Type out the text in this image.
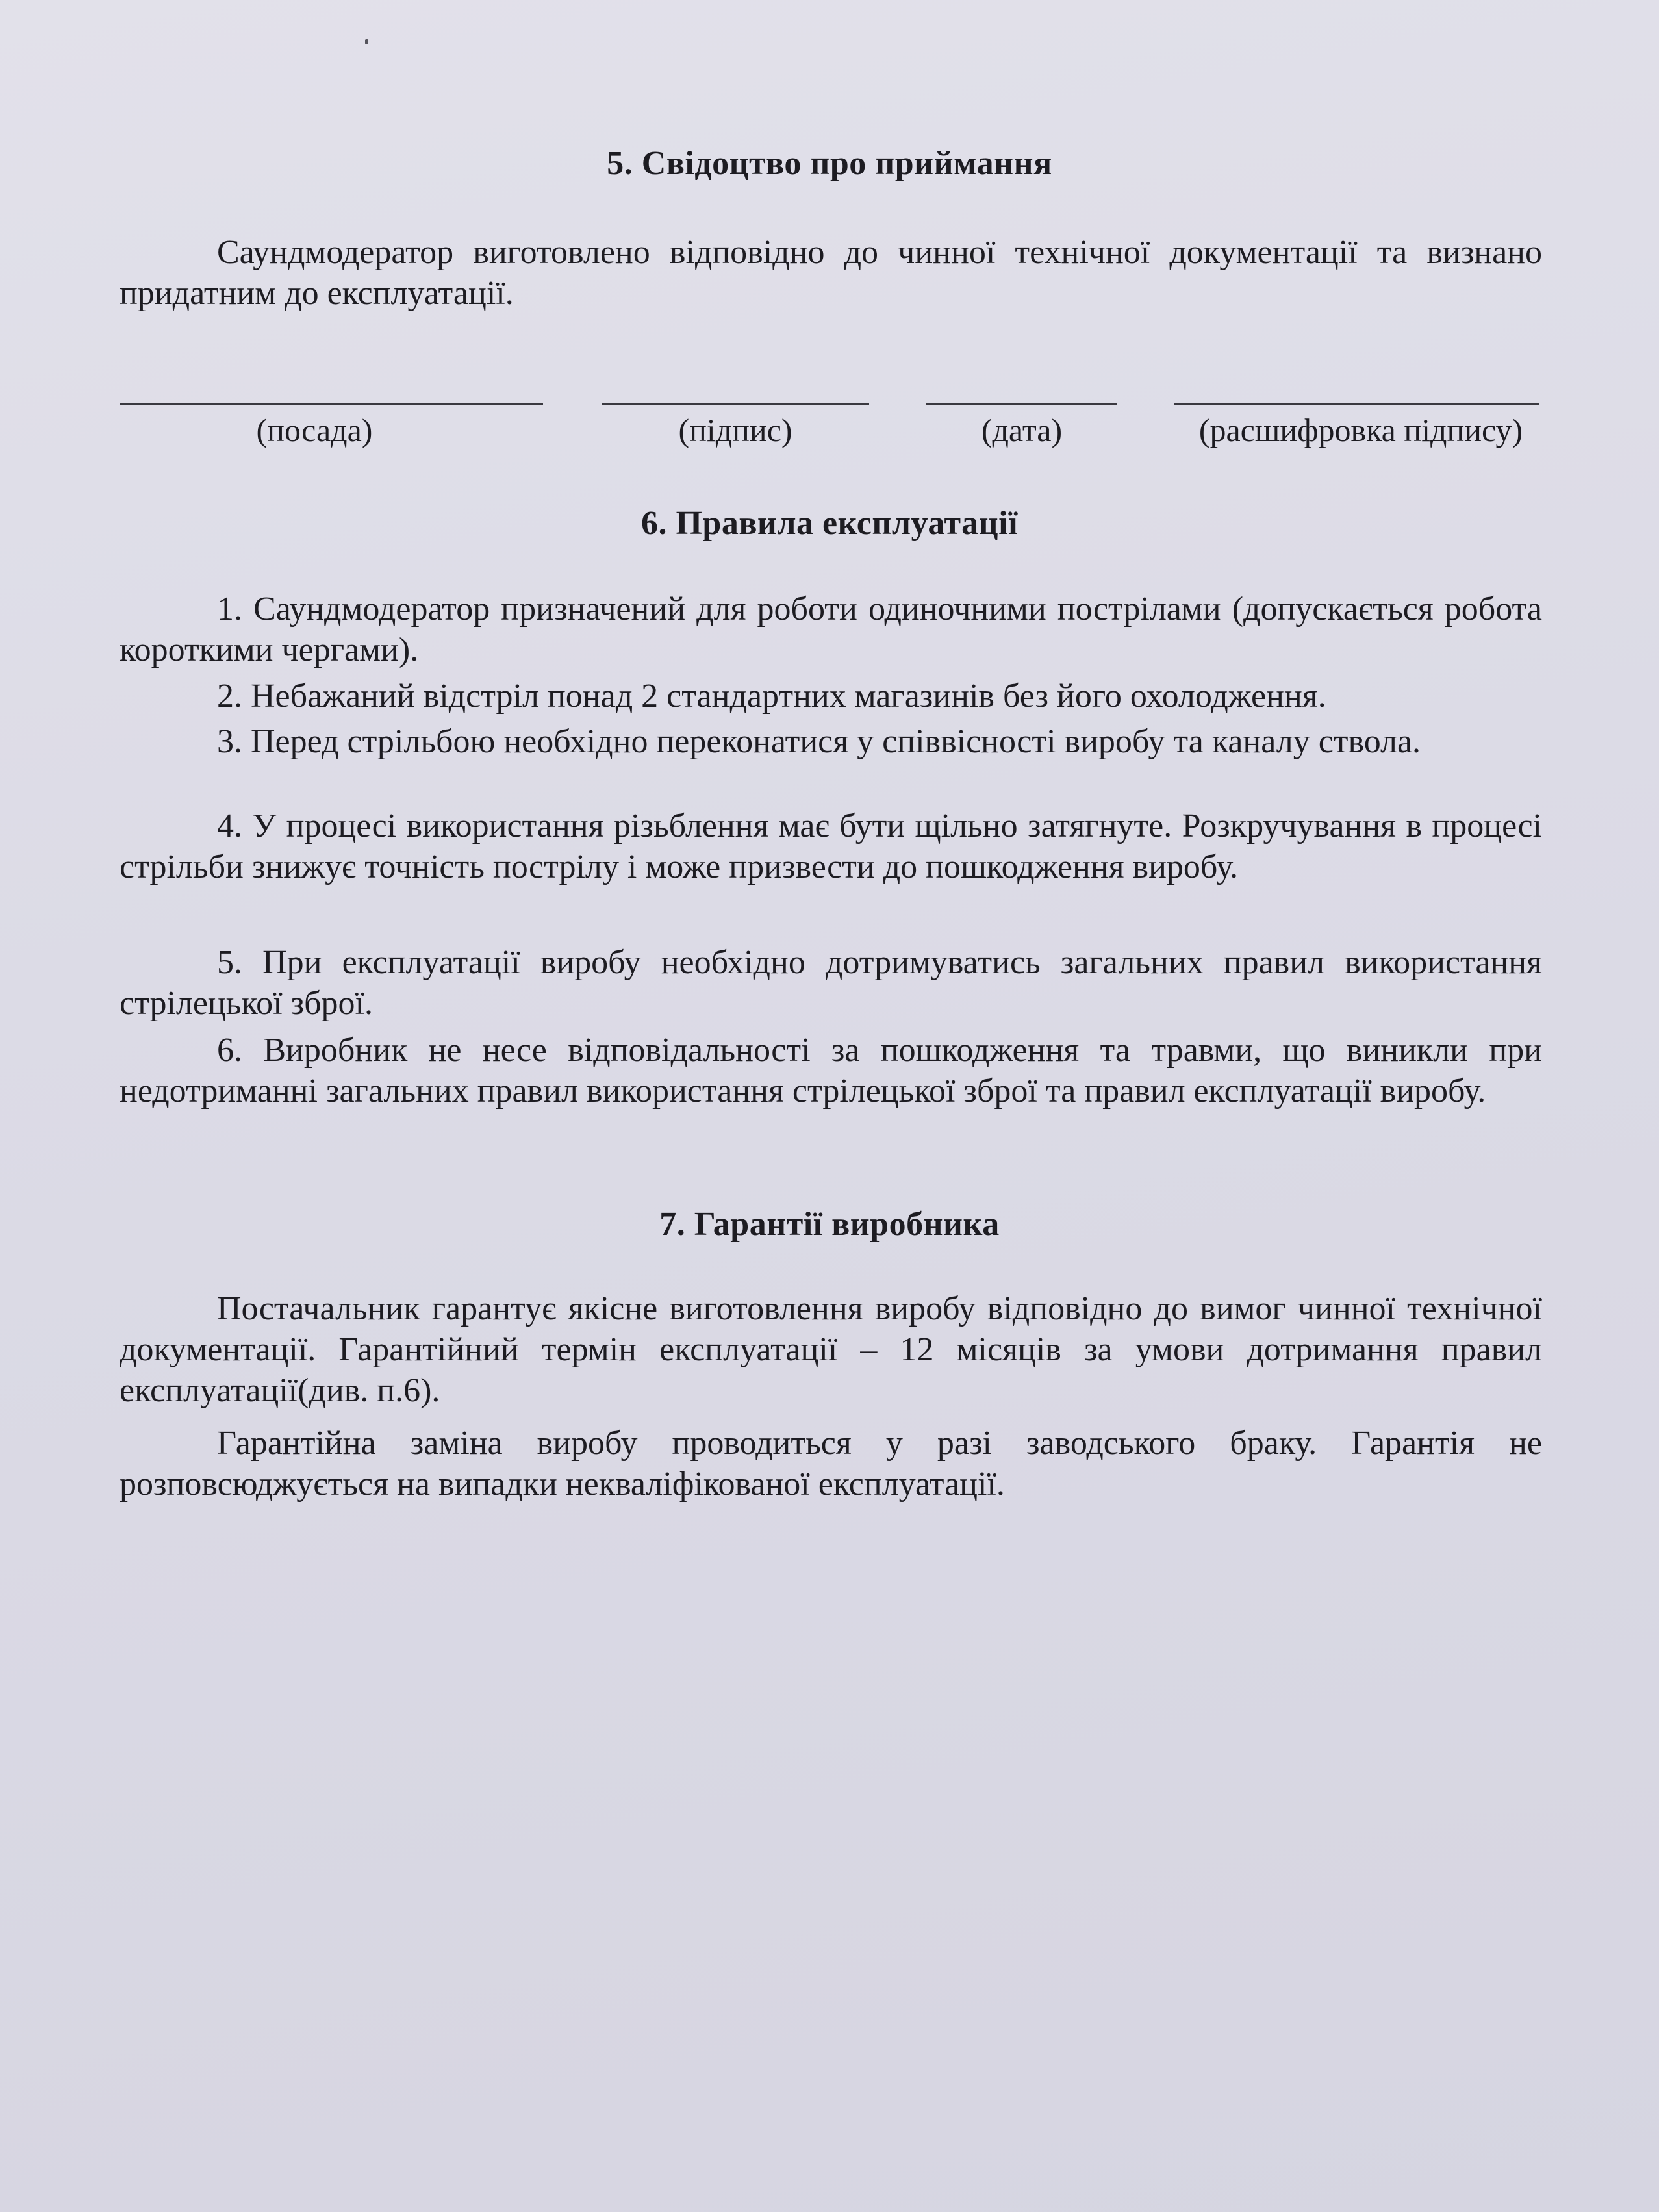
5. Свідоцтво про приймання

Саундмодератор виготовлено відповідно до чинної технічної документації та визнано придатним до експлуатації.

(посада)	(підпис)	(дата)	(расшифровка підпису)
6. Правила експлуатації

1. Саундмодератор призначений для роботи одиночними пострілами (допускається робота короткими чергами).

2. Небажаний відстріл понад 2 стандартних магазинів без його охолодження.

3. Перед стрільбою необхідно переконатися у співвісності виробу та каналу ствола.

4. У процесі використання різьблення має бути щільно затягнуте. Розкручування в процесі стрільби знижує точність пострілу і може призвести до пошкодження виробу.

5. При експлуатації виробу необхідно дотримуватись загальних правил використання стрілецької зброї.

6. Виробник не несе відповідальності за пошкодження та травми, що виникли при недотриманні загальних правил використання стрілецької зброї та правил експлуатації виробу.

7. Гарантії виробника

Постачальник гарантує якісне виготовлення виробу відповідно до вимог чинної технічної документації. Гарантійний термін експлуатації – 12 місяців за умови дотримання правил експлуатації(див. п.6).

Гарантійна заміна виробу проводиться у разі заводського браку. Гарантія не розповсюджується на випадки некваліфікованої експлуатації.
